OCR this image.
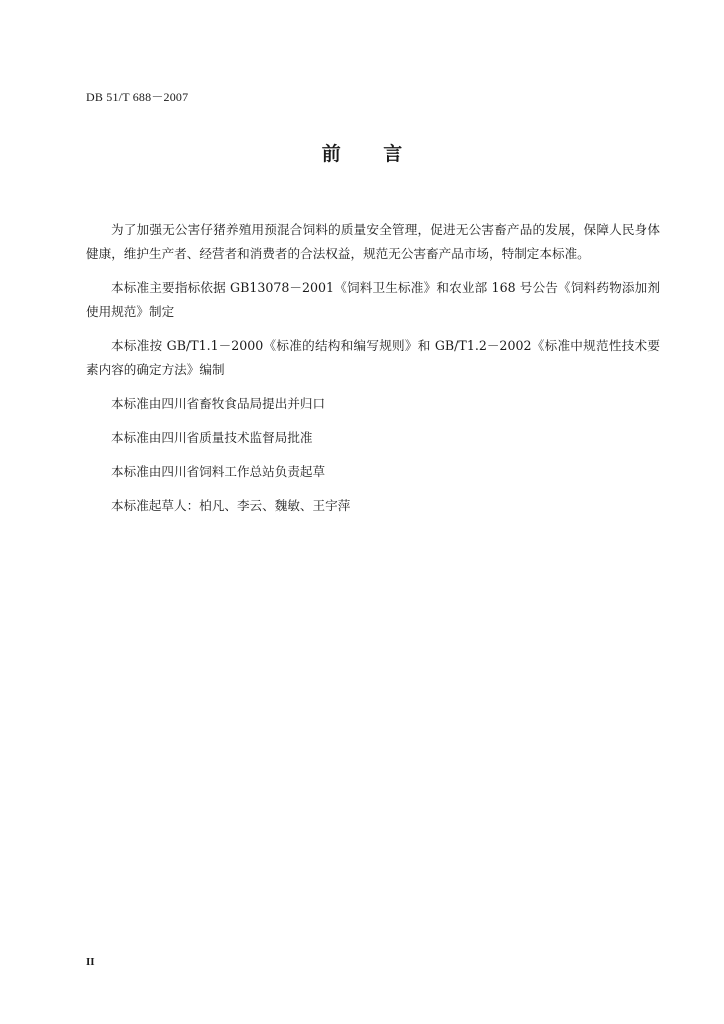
DB 51/T 688－2007
前 言

为了加强无公害仔猪养殖用预混合饲料的质量安全管理，促进无公害畜产品的发展，保障人民身体健康，维护生产者、经营者和消费者的合法权益，规范无公害畜产品市场，特制定本标准。

本标准主要指标依据 GB13078－2001《饲料卫生标准》和农业部 168 号公告《饲料药物添加剂使用规范》制定

本标准按 GB/T1.1－2000《标准的结构和编写规则》和 GB/T1.2－2002《标准中规范性技术要素内容的确定方法》编制

本标准由四川省畜牧食品局提出并归口

本标准由四川省质量技术监督局批准

本标准由四川省饲料工作总站负责起草

本标准起草人：柏凡、李云、魏敏、王宇萍

II
